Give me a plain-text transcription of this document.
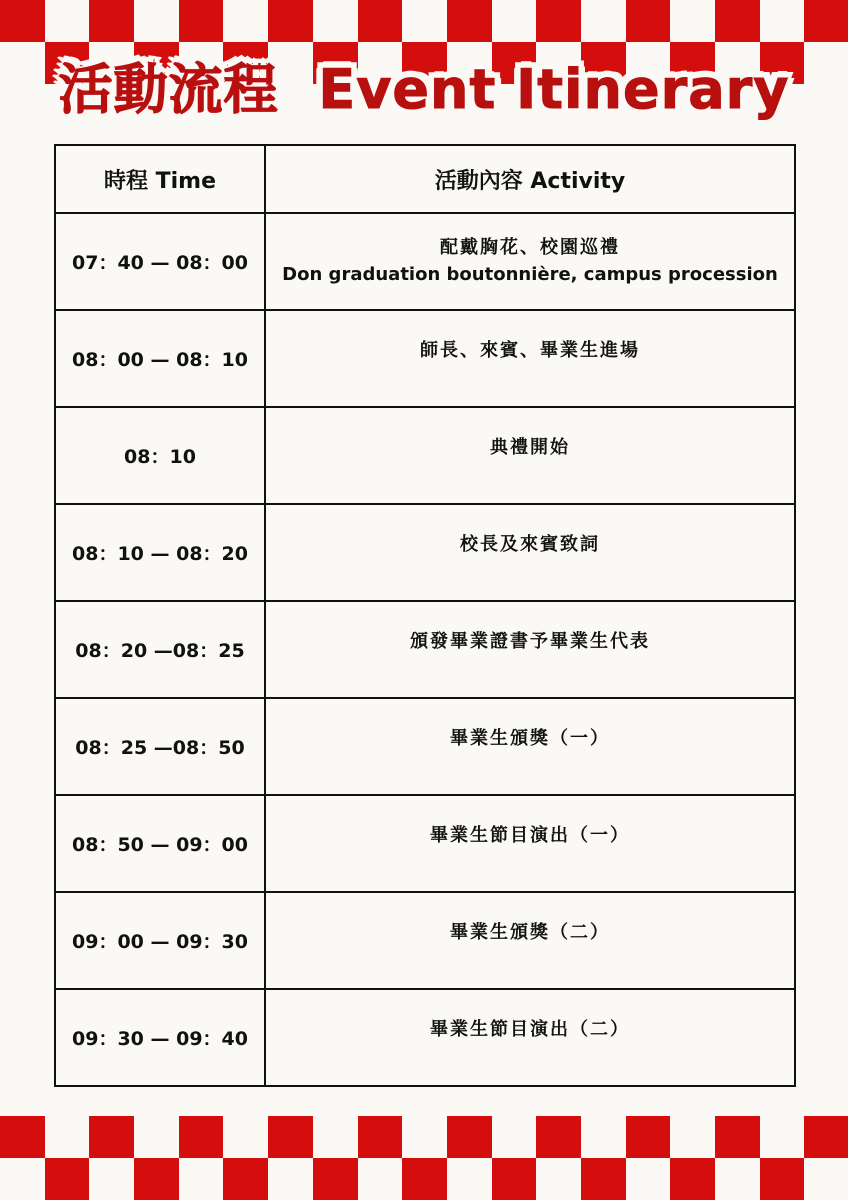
活動流程 Event Itinerary
時程 Time	活動內容 Activity
07：40 — 08：00	配戴胸花、校園巡禮
Don graduation boutonnière, campus procession

08：00 — 08：10	師長、來賓、畢業生進場

08：10	典禮開始

08：10 — 08：20	校長及來賓致詞

08：20 —08：25	頒發畢業證書予畢業生代表

08：25 —08：50	畢業生頒獎（一）

08：50 — 09：00	畢業生節目演出（一）

09：00 — 09：30	畢業生頒獎（二）

09：30 — 09：40	畢業生節目演出（二）
